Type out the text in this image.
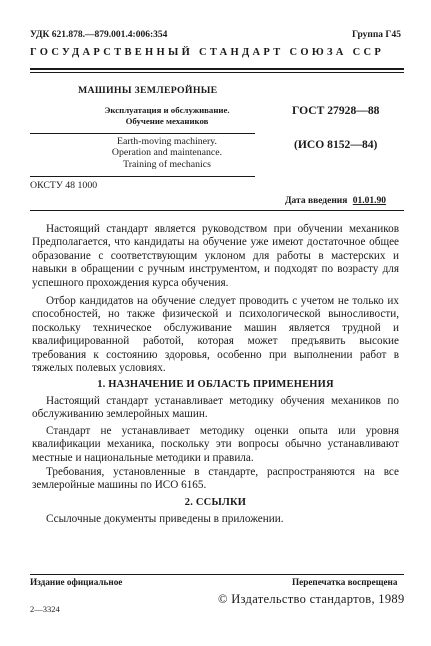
УДК 621.878.—879.001.4:006:354	Группа Г45
ГОСУДАРСТВЕННЫЙ СТАНДАРТ СОЮЗА ССР
МАШИНЫ ЗЕМЛЕРОЙНЫЕ
Эксплуатация и обслуживание.
Обучение механиков
Earth-moving machinery.
Operation and maintenance.
Training of mechanics
ОКСТУ 48 1000
ГОСТ 27928—88
(ИСО 8152—84)
Дата введения 01.01.90
Настоящий стандарт является руководством при обучении механиков Предполагается, что кандидаты на обучение уже имеют достаточное общее образование с соответствующим уклоном для работы в мастерских и навыки в обращении с ручным инструментом, и подходят по возрасту для успешного прохождения курса обучения.
Отбор кандидатов на обучение следует проводить с учетом не только их способностей, но также физической и психологической выносливости, поскольку техническое обслуживание машин является трудной и квалифицированной работой, которая может предъявить высокие требования к состоянию здоровья, особенно при выполнении работ в тяжелых полевых условиях.
1. НАЗНАЧЕНИЕ И ОБЛАСТЬ ПРИМЕНЕНИЯ
Настоящий стандарт устанавливает методику обучения механиков по обслуживанию землеройных машин.
Стандарт не устанавливает методику оценки опыта или уровня квалификации механика, поскольку эти вопросы обычно устанавливают местные и национальные методики и правила.
Требования, установленные в стандарте, распространяются на все землеройные машины по ИСО 6165.
2. ССЫЛКИ
Ссылочные документы приведены в приложении.
Издание официальное	Перепечатка воспрещена
© Издательство стандартов, 1989
2—3324
